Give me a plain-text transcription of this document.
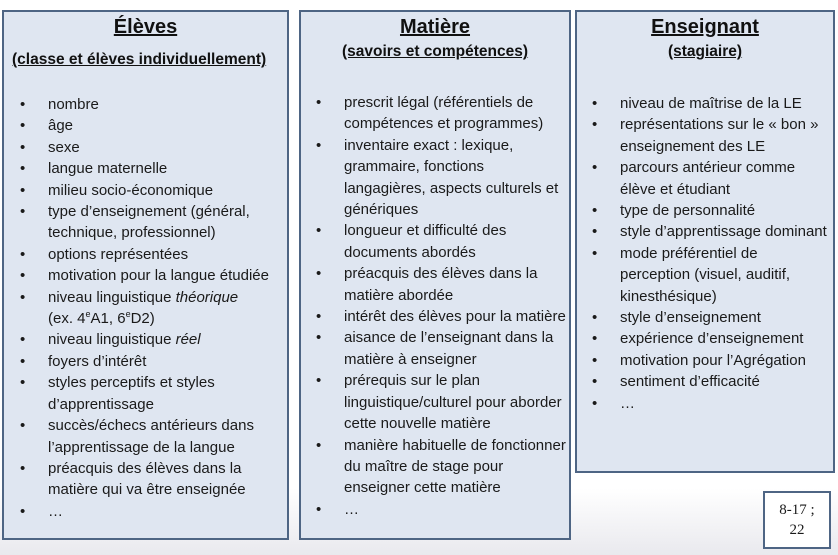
Élèves
(classe et élèves individuellement)
• nombre
• âge
• sexe
• langue maternelle
• milieu socio-économique
• type d’enseignement (général, technique, professionnel)
• options représentées
• motivation pour la langue étudiée
• niveau linguistique théorique
(ex. 4eA1, 6eD2)
• niveau linguistique réel
• foyers d’intérêt
• styles perceptifs et styles d’apprentissage
• succès/échecs antérieurs dans l’apprentissage de la langue
• préacquis des élèves dans la matière qui va être enseignée
• …
Matière
(savoirs et compétences)
• prescrit légal (référentiels de compétences et programmes)
• inventaire exact : lexique, grammaire, fonctions langagières, aspects culturels et génériques
• longueur et difficulté des documents abordés
• préacquis des élèves dans la matière abordée
• intérêt des élèves pour la matière
• aisance de l’enseignant dans la matière à enseigner
• prérequis sur le plan linguistique/culturel pour aborder cette nouvelle matière
• manière habituelle de fonctionner du maître de stage pour enseigner cette matière
• …
Enseignant
(stagiaire)
• niveau de maîtrise de la LE
• représentations sur le « bon » enseignement des LE
• parcours antérieur comme élève et étudiant
• type de personnalité
• style d’apprentissage dominant
• mode préférentiel de perception (visuel, auditif, kinesthésique)
• style d’enseignement
• expérience d’enseignement
• motivation pour l’Agrégation
• sentiment d’efficacité
• …
8-17 ;
22
